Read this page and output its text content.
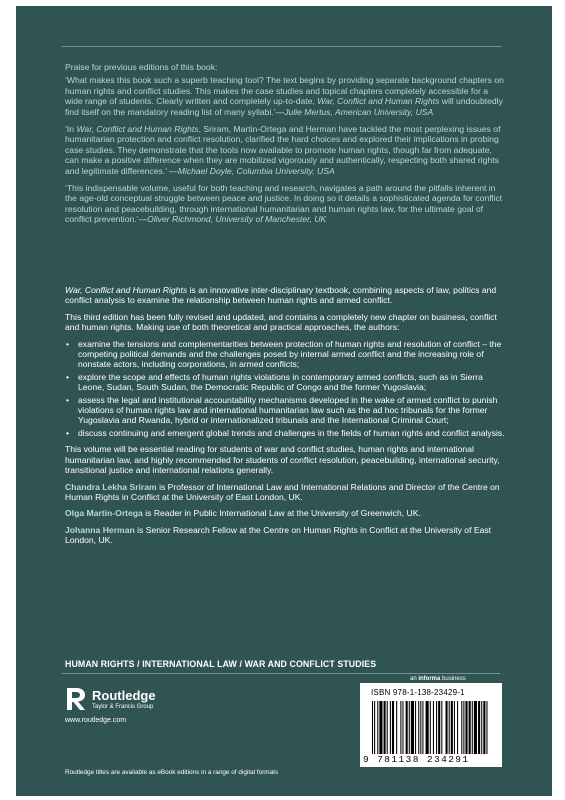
Praise for previous editions of this book:

‘What makes this book such a superb teaching tool? The text begins by providing separate background chapters on human rights and conflict studies. This makes the case studies and topical chapters completely accessible for a wide range of students. Clearly written and completely up-to-date, War, Conflict and Human Rights will undoubtedly find itself on the mandatory reading list of many syllabi.’—Julie Mertus, American University, USA

‘In War, Conflict and Human Rights, Sriram, Martin-Ortega and Herman have tackled the most perplexing issues of humanitarian protection and conflict resolution, clarified the hard choices and explored their implications in probing case studies. They demonstrate that the tools now available to promote human rights, though far from adequate, can make a positive difference when they are mobilized vigorously and authentically, respecting both shared rights and legitimate differences.’ —Michael Doyle, Columbia University, USA

‘This indispensable volume, useful for both teaching and research, navigates a path around the pitfalls inherent in the age-old conceptual struggle between peace and justice. In doing so it details a sophisticated agenda for conflict resolution and peacebuilding, through international humanitarian and human rights law, for the ultimate goal of conflict prevention.’—Oliver Richmond, University of Manchester, UK

War, Conflict and Human Rights is an innovative inter-disciplinary textbook, combining aspects of law, politics and conflict analysis to examine the relationship between human rights and armed conflict.

This third edition has been fully revised and updated, and contains a completely new chapter on business, conflict and human rights. Making use of both theoretical and practical approaches, the authors:

• examine the tensions and complementarities between protection of human rights and resolution of conflict – the competing political demands and the challenges posed by internal armed conflict and the increasing role of nonstate actors, including corporations, in armed conflicts;
• explore the scope and effects of human rights violations in contemporary armed conflicts, such as in Sierra Leone, Sudan, South Sudan, the Democratic Republic of Congo and the former Yugoslavia;
• assess the legal and institutional accountability mechanisms developed in the wake of armed conflict to punish violations of human rights law and international humanitarian law such as the ad hoc tribunals for the former Yugoslavia and Rwanda, hybrid or internationalized tribunals and the International Criminal Court;
• discuss continuing and emergent global trends and challenges in the fields of human rights and conflict analysis.

This volume will be essential reading for students of war and conflict studies, human rights and international humanitarian law, and highly recommended for students of conflict resolution, peacebuilding, international security, transitional justice and international relations generally.

Chandra Lekha Sriram is Professor of International Law and International Relations and Director of the Centre on Human Rights in Conflict at the University of East London, UK.

Olga Martin-Ortega is Reader in Public International Law at the University of Greenwich, UK.

Johanna Herman is Senior Research Fellow at the Centre on Human Rights in Conflict at the University of East London, UK.

HUMAN RIGHTS / INTERNATIONAL LAW / WAR AND CONFLICT STUDIES
an informa business
Routledge
Taylor & Francis Group
www.routledge.com
ISBN 978-1-138-23429-1
9 781138 234291
Routledge titles are available as eBook editions in a range of digital formats
